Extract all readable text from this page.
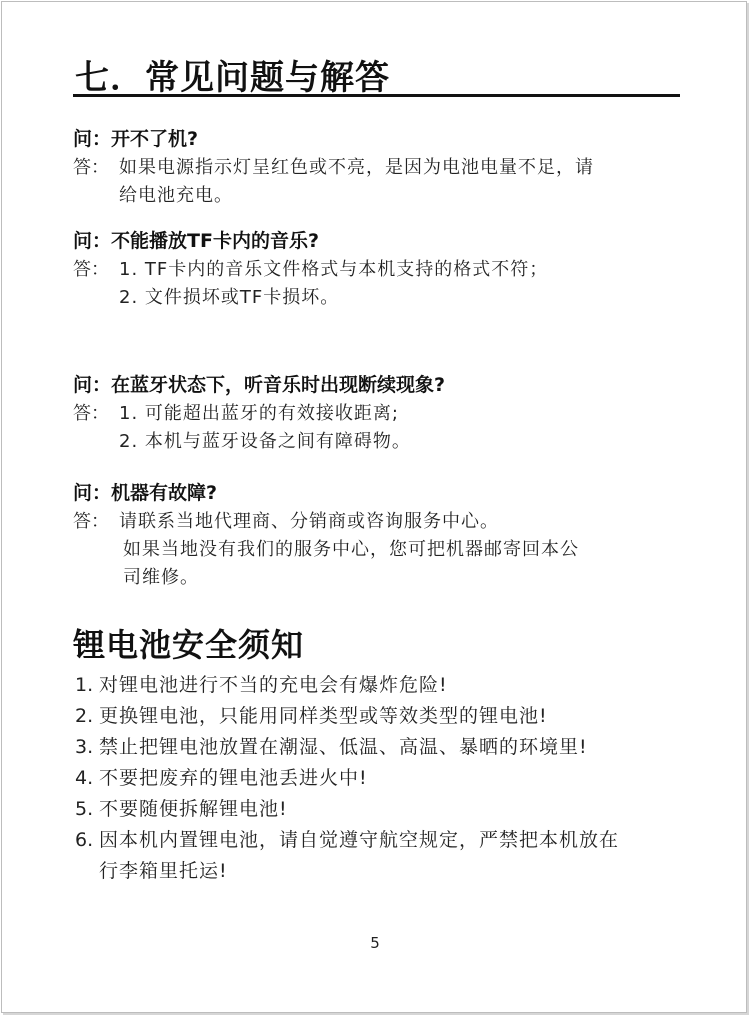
七．常见问题与解答

问：开不了机?

答： 如果电源指示灯呈红色或不亮，是因为电池电量不足，请
给电池充电。

问：不能播放TF卡内的音乐?

答： 1. TF卡内的音乐文件格式与本机支持的格式不符；
2. 文件损坏或TF卡损坏。

问：在蓝牙状态下，听音乐时出现断续现象?

答： 1. 可能超出蓝牙的有效接收距离;
2. 本机与蓝牙设备之间有障碍物。

问：机器有故障?

答： 请联系当地代理商、分销商或咨询服务中心。
如果当地没有我们的服务中心，您可把机器邮寄回本公
司维修。
锂电池安全须知
1. 对锂电池进行不当的充电会有爆炸危险!
2. 更换锂电池，只能用同样类型或等效类型的锂电池!
3. 禁止把锂电池放置在潮湿、低温、高温、暴晒的环境里!
4. 不要把废弃的锂电池丢进火中!
5. 不要随便拆解锂电池!
6. 因本机内置锂电池，请自觉遵守航空规定，严禁把本机放在
行李箱里托运!
5
